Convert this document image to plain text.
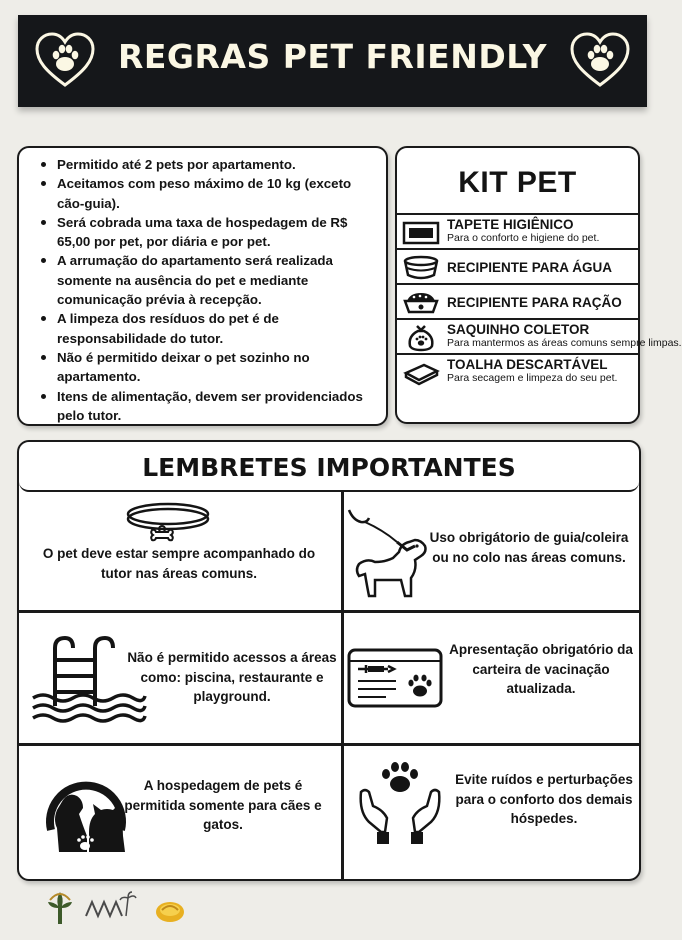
REGRAS PET FRIENDLY
Permitido até 2 pets por apartamento.
Aceitamos com peso máximo de 10 kg (exceto cão-guia).
Será cobrada uma taxa de hospedagem de R$ 65,00 por pet, por diária e por pet.
A arrumação do apartamento será realizada somente na ausência do pet e mediante comunicação prévia à recepção.
A limpeza dos resíduos do pet é de responsabilidade do tutor.
Não é permitido deixar o pet sozinho no apartamento.
Itens de alimentação, devem ser providenciados pelo tutor.
KIT PET
TAPETE HIGIÊNICO
Para o conforto e higiene do pet.
RECIPIENTE PARA ÁGUA
RECIPIENTE PARA RAÇÃO
SAQUINHO COLETOR
Para mantermos as áreas comuns sempre limpas.
TOALHA DESCARTÁVEL
Para secagem e limpeza do seu pet.
LEMBRETES IMPORTANTES
O pet deve estar sempre acompanhado do tutor nas áreas comuns.
Uso obrigátorio de guia/coleira ou no colo nas áreas comuns.
Não é permitido acessos a áreas como: piscina, restaurante e playground.
Apresentação obrigatório da carteira de vacinação atualizada.
A hospedagem de pets é permitida somente para cães e gatos.
Evite ruídos e perturbações para o conforto dos demais hóspedes.
